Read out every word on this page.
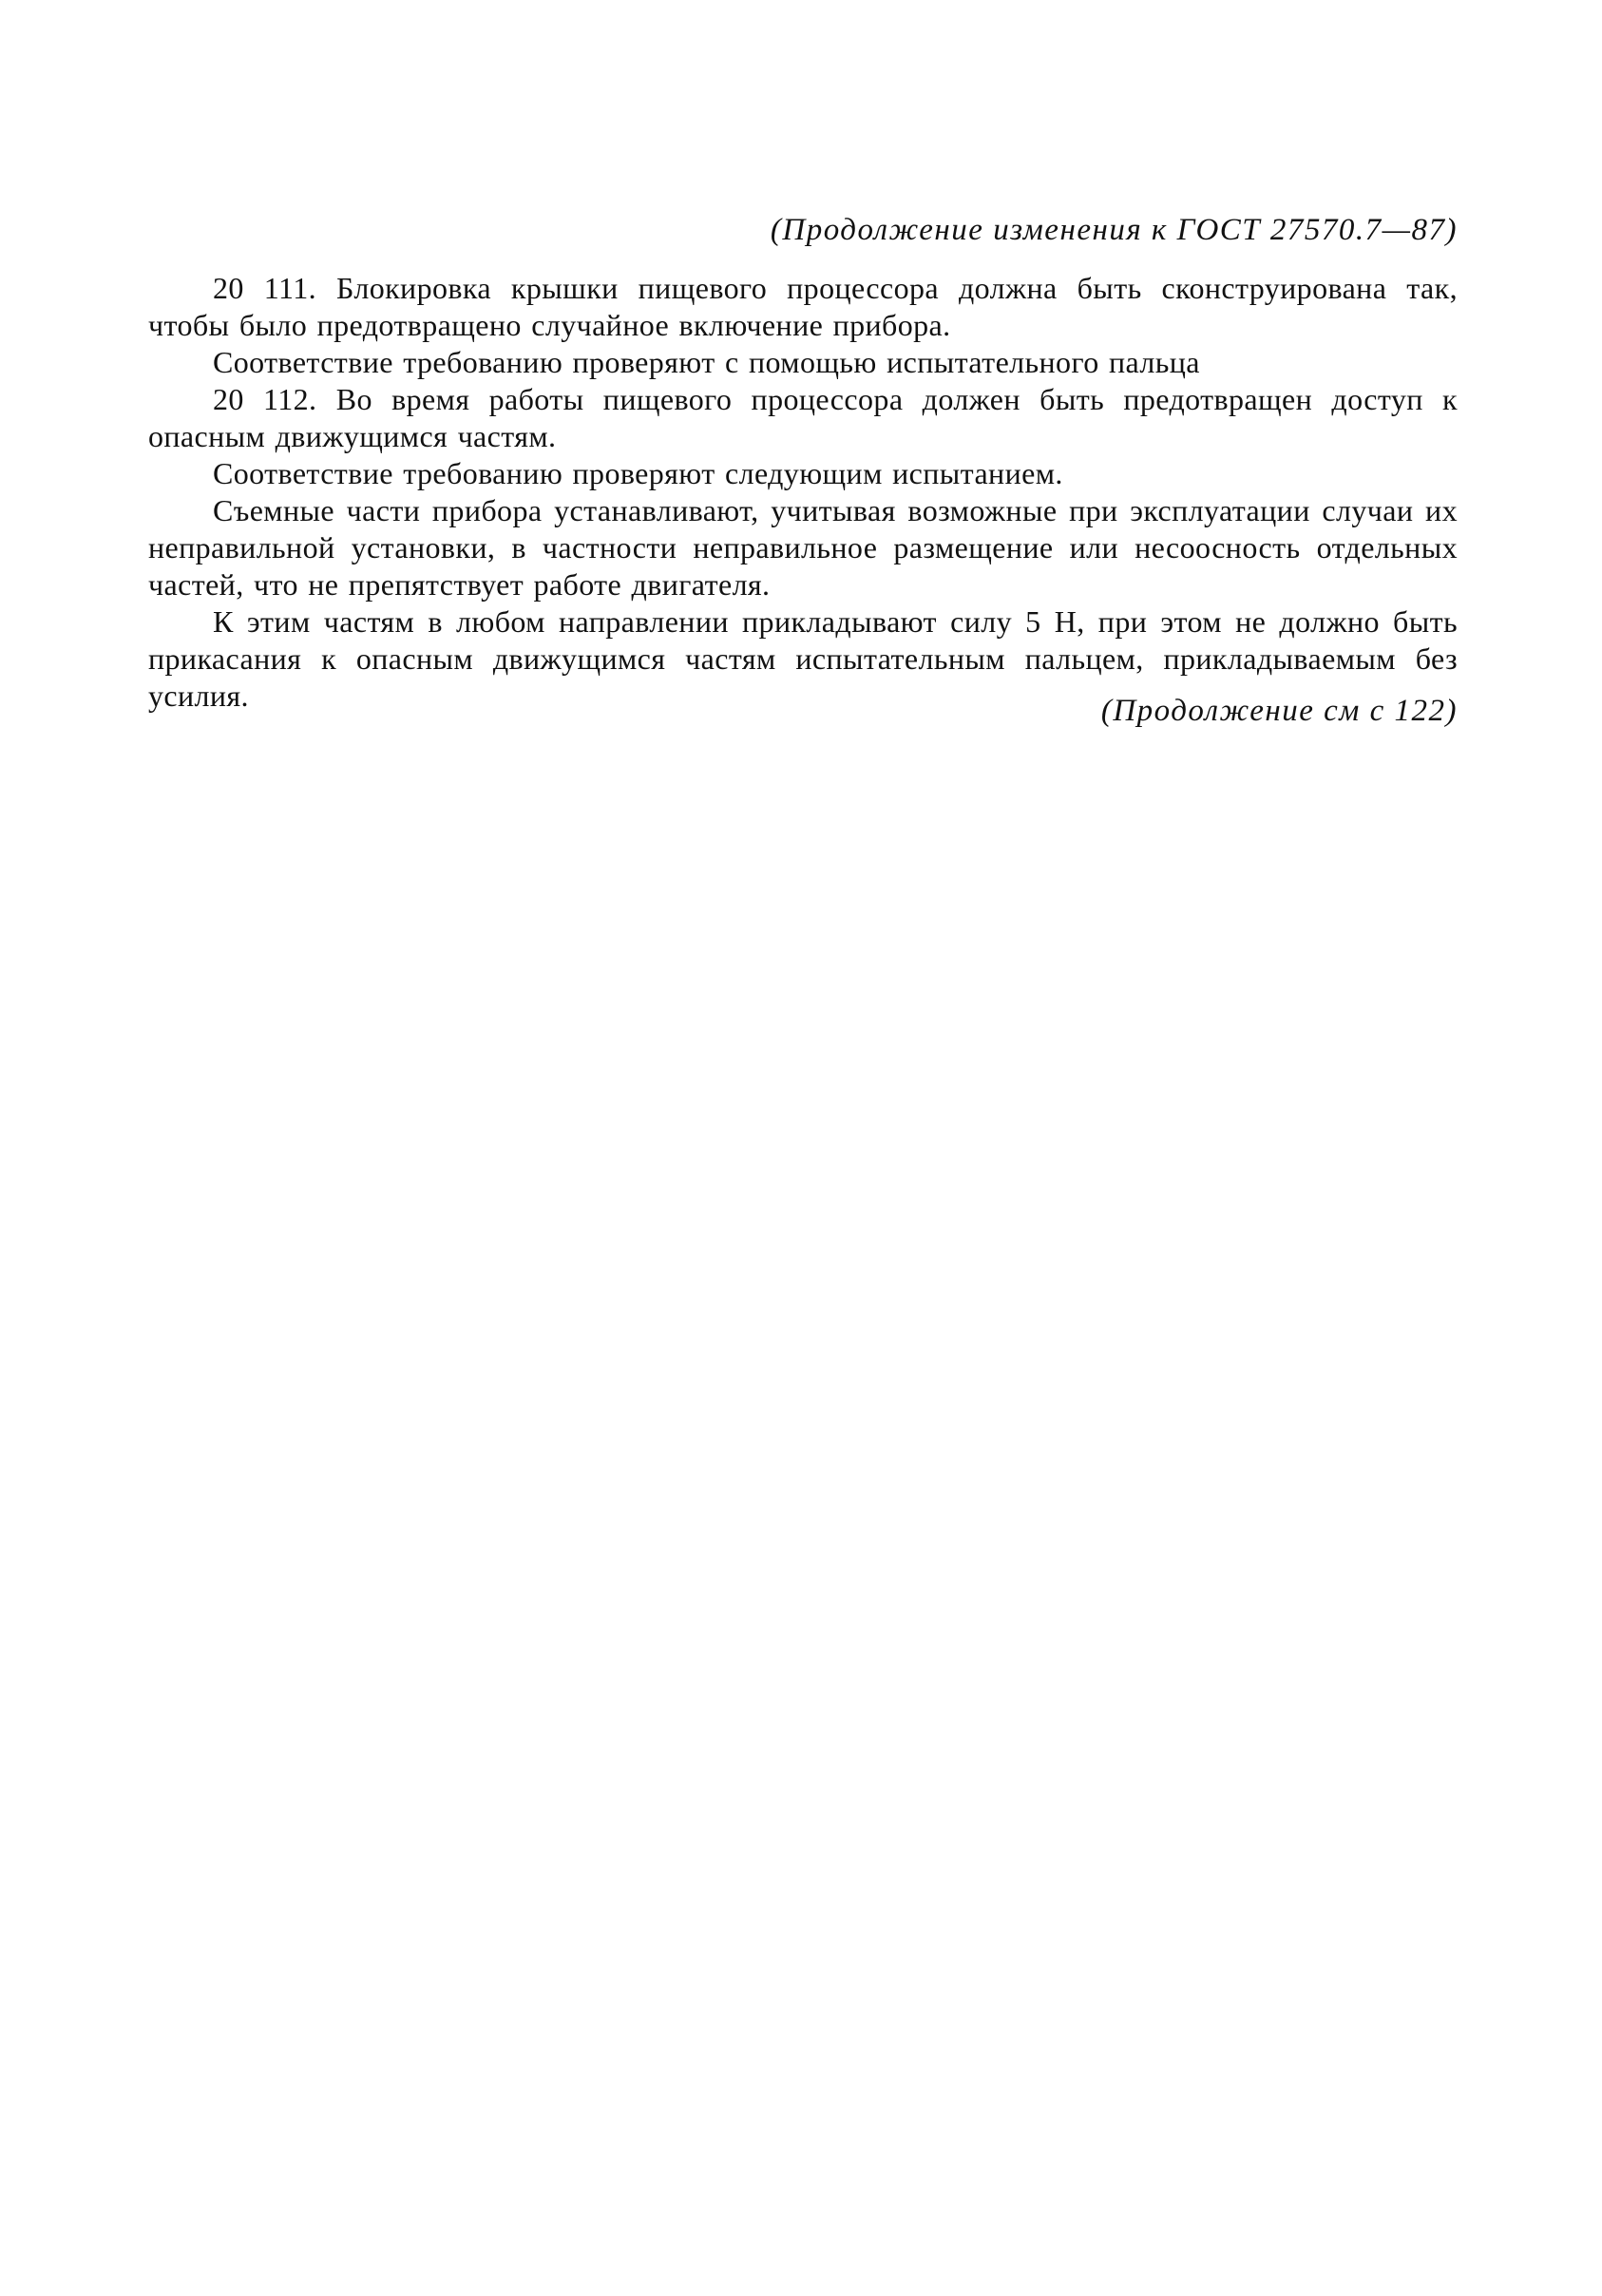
(Продолжение изменения к ГОСТ 27570.7—87)

20 111. Блокировка крышки пищевого процессора должна быть сконструирована так, чтобы было предотвращено случайное включение прибора.

Соответствие требованию проверяют с помощью испытательного пальца

20 112. Во время работы пищевого процессора должен быть предотвращен доступ к опасным движущимся частям.

Соответствие требованию проверяют следующим испытанием.

Съемные части прибора устанавливают, учитывая возможные при эксплуатации случаи их неправильной установки, в частности неправильное размещение или несоосность отдельных частей, что не препятствует работе двигателя.

К этим частям в любом направлении прикладывают силу 5 Н, при этом не должно быть прикасания к опасным движущимся частям испытательным пальцем, прикладываемым без усилия.	(Продолжение см с 122)
